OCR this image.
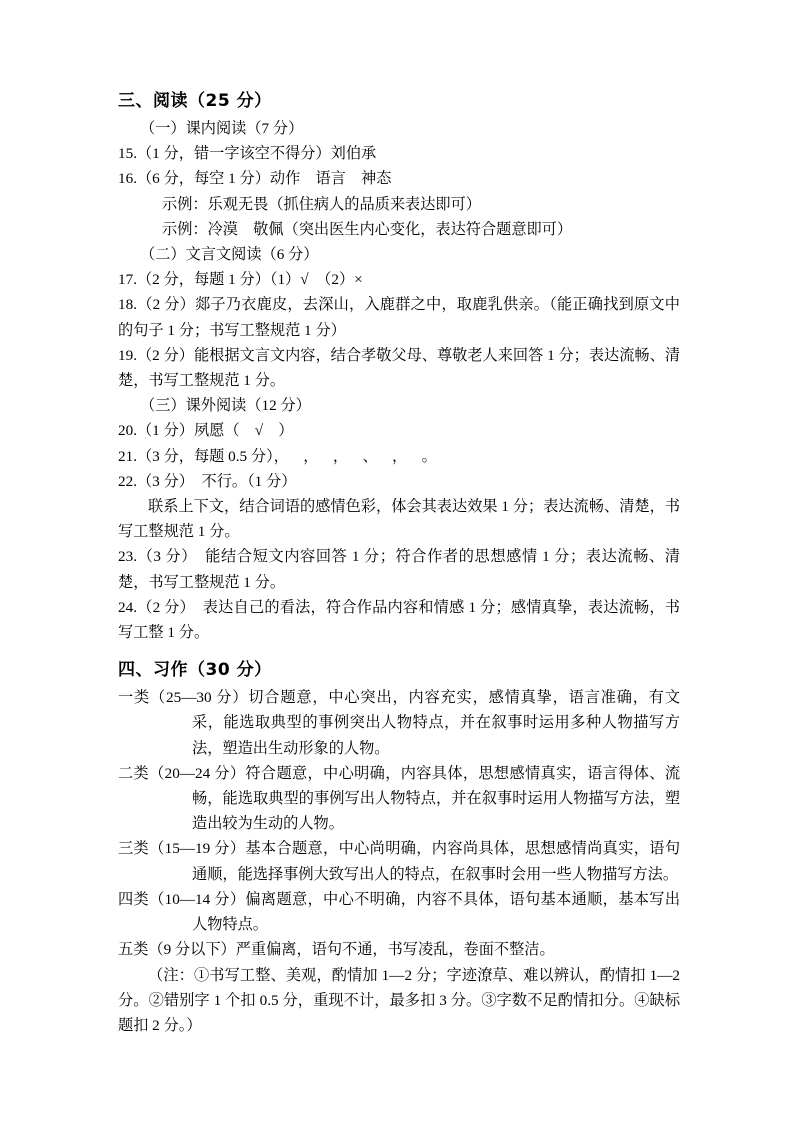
三、阅读（25 分）

（一）课内阅读（7 分）

15.（1 分，错一字该空不得分）刘伯承

16.（6 分，每空 1 分）动作　语言　神态

示例：乐观无畏（抓住病人的品质来表达即可）

示例：冷漠　敬佩（突出医生内心变化，表达符合题意即可）

（二）文言文阅读（6 分）

17.（2 分，每题 1 分）（1）√　（2）×

18.（2 分）郯子乃衣鹿皮，去深山，入鹿群之中，取鹿乳供亲。（能正确找到原文中的句子 1 分；书写工整规范 1 分）

19.（2 分）能根据文言文内容，结合孝敬父母、尊敬老人来回答 1 分；表达流畅、清楚，书写工整规范 1 分。

（三）课外阅读（12 分）

20.（1 分）夙愿（　√　）

21.（3 分，每题 0.5 分）， ， ， 、 ， 。

22.（3 分）　不行。（1 分）

联系上下文，结合词语的感情色彩，体会其表达效果 1 分；表达流畅、清楚，书写工整规范 1 分。

23.（3 分）　能结合短文内容回答 1 分；符合作者的思想感情 1 分；表达流畅、清楚，书写工整规范 1 分。

24.（2 分）　表达自己的看法，符合作品内容和情感 1 分；感情真挚，表达流畅，书写工整 1 分。

四、习作（30 分）

一类（25—30 分）切合题意，中心突出，内容充实，感情真挚，语言准确，有文采，能选取典型的事例突出人物特点，并在叙事时运用多种人物描写方法，塑造出生动形象的人物。

二类（20—24 分）符合题意，中心明确，内容具体，思想感情真实，语言得体、流畅，能选取典型的事例写出人物特点，并在叙事时运用人物描写方法，塑造出较为生动的人物。

三类（15—19 分）基本合题意，中心尚明确，内容尚具体，思想感情尚真实，语句通顺，能选择事例大致写出人的特点，在叙事时会用一些人物描写方法。

四类（10—14 分）偏离题意，中心不明确，内容不具体，语句基本通顺，基本写出人物特点。

五类（9 分以下）严重偏离，语句不通，书写凌乱，卷面不整洁。

（注：①书写工整、美观，酌情加 1—2 分；字迹潦草、难以辨认，酌情扣 1—2 分。②错别字 1 个扣 0.5 分，重现不计，最多扣 3 分。③字数不足酌情扣分。④缺标题扣 2 分。）
